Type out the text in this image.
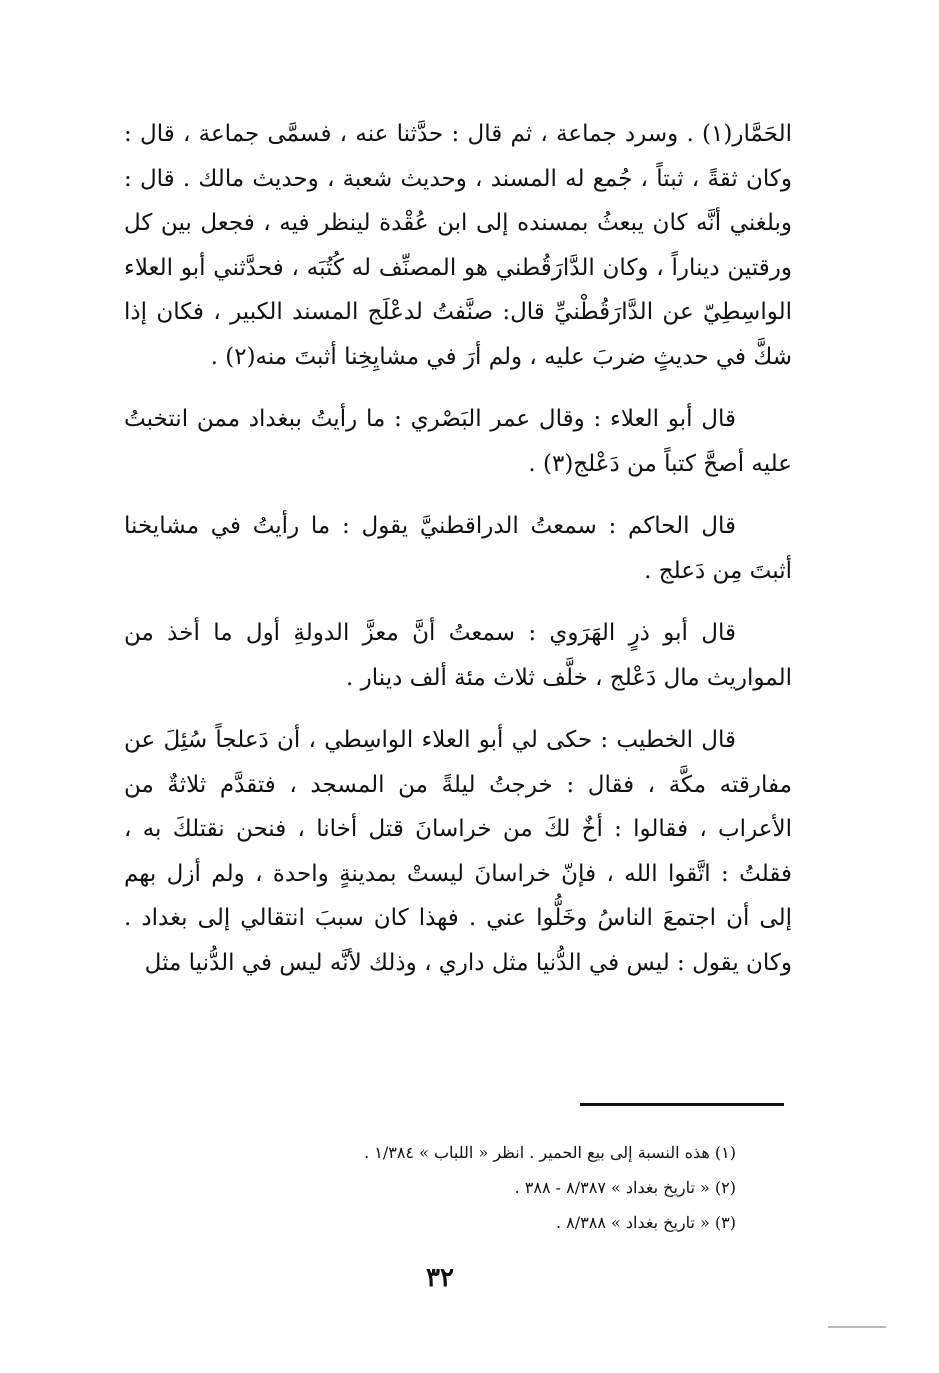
الحَمَّار(١) . وسرد جماعة ، ثم قال : حدَّثنا عنه ، فسمَّى جماعة ، قال : وكان ثقةً ، ثبتاً ، جُمع له المسند ، وحديث شعبة ، وحديث مالك . قال : وبلغني أنَّه كان يبعثُ بمسنده إلى ابن عُقْدة لينظر فيه ، فجعل بين كل ورقتين ديناراً ، وكان الدَّارَقُطني هو المصنِّف له كُتُبَه ، فحدَّثني أبو العلاء الواسِطِيّ عن الدَّارَقُطْنيِّ قال: صنَّفتُ لدعْلَج المسند الكبير ، فكان إذا شكَّ في حديثٍ ضربَ عليه ، ولم أرَ في مشايِخِنا أثبتَ منه(٢) .

قال أبو العلاء : وقال عمر البَصْري : ما رأيتُ ببغداد ممن انتخبتُ عليه أصحَّ كتباً من دَعْلج(٣) .

قال الحاكم : سمعتُ الدراقطنيَّ يقول : ما رأيتُ في مشايخنا أثبتَ مِن دَعلج .

قال أبو ذرٍ الهَرَوي : سمعتُ أنَّ معزَّ الدولةِ أول ما أخذ من المواريث مال دَعْلج ، خلَّف ثلاث مئة ألف دينار .

قال الخطيب : حكى لي أبو العلاء الواسِطي ، أن دَعلجاً سُئِلَ عن مفارقته مكَّة ، فقال : خرجتُ ليلةً من المسجد ، فتقدَّم ثلاثةٌ من الأعراب ، فقالوا : أخٌ لكَ من خراسانَ قتل أخانا ، فنحن نقتلكَ به ، فقلتُ : اتَّقوا الله ، فإنّ خراسانَ ليستْ بمدينةٍ واحدة ، ولم أزل بهم إلى أن اجتمعَ الناسُ وخَلُّوا عني . فهذا كان سببَ انتقالي إلى بغداد . وكان يقول : ليس في الدُّنيا مثل داري ، وذلك لأنَّه ليس في الدُّنيا مثل

(١) هذه النسبة إلى بيع الحمير . انظر « اللباب » ١/٣٨٤ .
(٢) « تاريخ بغداد » ٨/٣٨٧ - ٣٨٨ .
(٣) « تاريخ بغداد » ٨/٣٨٨ .
٣٢
